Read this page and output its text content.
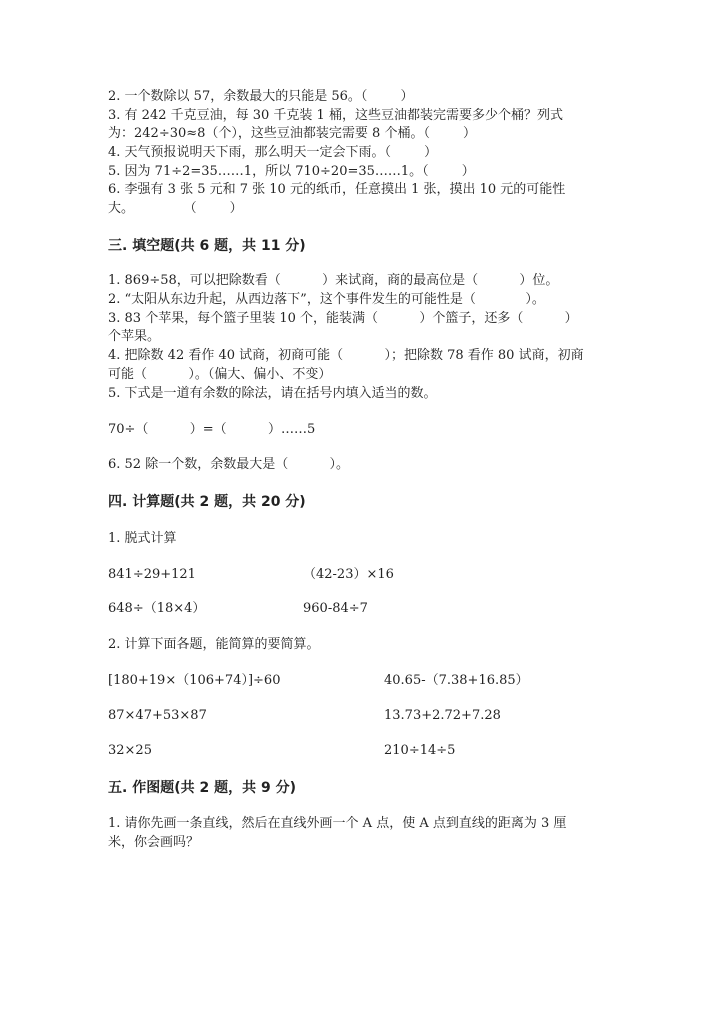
2. 一个数除以 57，余数最大的只能是 56。（        ）
3. 有 242 千克豆油，每 30 千克装 1 桶，这些豆油都装完需要多少个桶？列式
为：242÷30≈8（个），这些豆油都装完需要 8 个桶。（        ）
4. 天气预报说明天下雨，那么明天一定会下雨。（        ）
5. 因为 71÷2=35……1，所以 710÷20=35……1。（        ）
6. 李强有 3 张 5 元和 7 张 10 元的纸币，任意摸出 1 张，摸出 10 元的可能性
大。            （        ）
三. 填空题(共 6 题，共 11 分)
1. 869÷58，可以把除数看（          ）来试商，商的最高位是（          ）位。
2. “太阳从东边升起，从西边落下”，这个事件发生的可能性是（            ）。
3. 83 个苹果，每个篮子里装 10 个，能装满（          ）个篮子，还多（          ）
个苹果。
4. 把除数 42 看作 40 试商，初商可能（          ）；把除数 78 看作 80 试商，初商
可能（          ）。（偏大、偏小、不变）
5. 下式是一道有余数的除法，请在括号内填入适当的数。
70÷（          ）=（          ）……5
6. 52 除一个数，余数最大是（          ）。
四. 计算题(共 2 题，共 20 分)
1. 脱式计算
841÷29+121	（42-23）×16
648÷（18×4）	960-84÷7
2. 计算下面各题，能简算的要简算。
[180+19×（106+74）]÷60	40.65-（7.38+16.85）
87×47+53×87	13.73+2.72+7.28
32×25	210÷14÷5
五. 作图题(共 2 题，共 9 分)
1. 请你先画一条直线，然后在直线外画一个 A 点，使 A 点到直线的距离为 3 厘
米，你会画吗？
